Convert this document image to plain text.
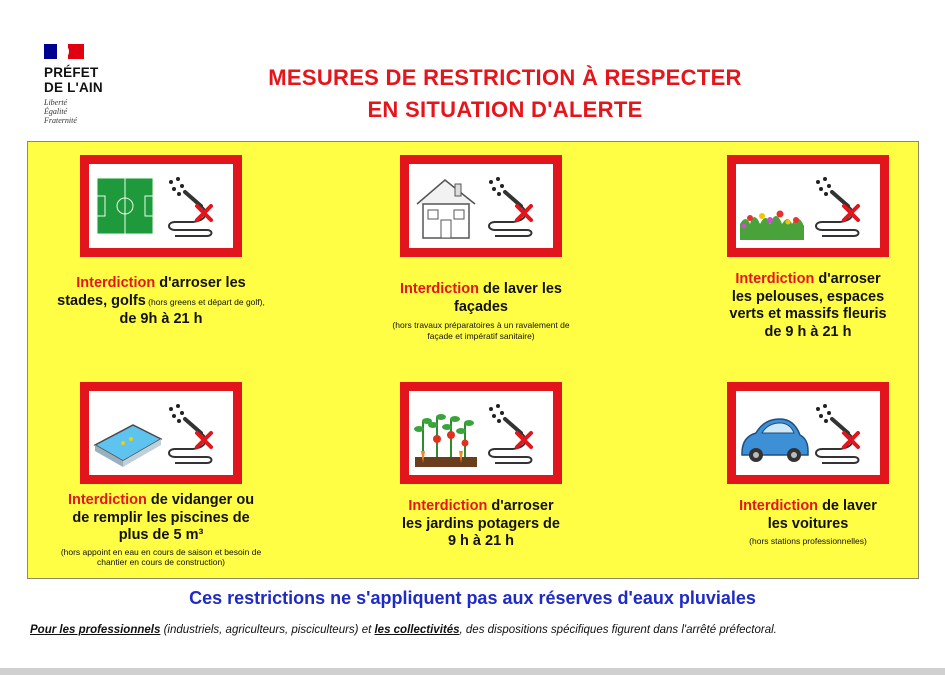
PRÉFET
DE L'AIN
Liberté
Égalité
Fraternité
MESURES DE RESTRICTION À RESPECTER
EN SITUATION D'ALERTE
Interdiction d'arroser les
stades, golfs (hors greens et départ de golf),
de 9h à 21 h
Interdiction de laver les
façades
(hors travaux préparatoires à un ravalement de façade et impératif sanitaire)
Interdiction d'arroser
les pelouses, espaces
verts et massifs fleuris
de 9 h à 21 h
Interdiction de vidanger ou
de remplir les piscines de
plus de 5 m³
(hors appoint en eau en cours de saison et besoin de chantier en cours de construction)
Interdiction d'arroser
les jardins potagers de
9 h à 21 h
Interdiction de laver
les voitures
(hors stations professionnelles)
Ces restrictions ne s'appliquent pas aux réserves d'eaux pluviales
Pour les professionnels (industriels, agriculteurs, pisciculteurs) et les collectivités, des dispositions spécifiques figurent dans l'arrêté préfectoral.
